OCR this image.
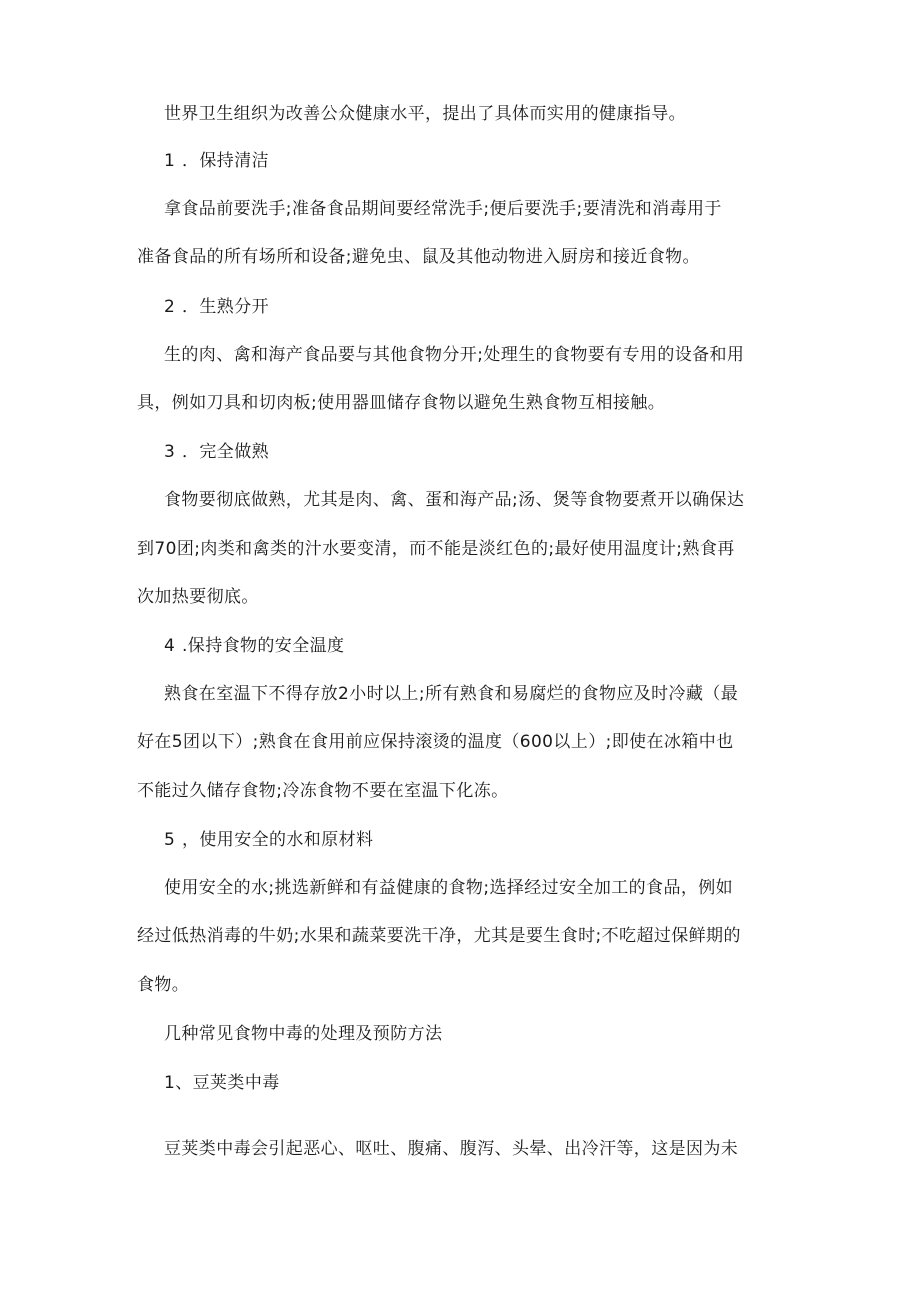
世界卫生组织为改善公众健康水平，提出了具体而实用的健康指导。
1 ．保持清洁
拿食品前要洗手;准备食品期间要经常洗手;便后要洗手;要清洗和消毒用于
准备食品的所有场所和设备;避免虫、鼠及其他动物进入厨房和接近食物。
2 ．生熟分开
生的肉、禽和海产食品要与其他食物分开;处理生的食物要有专用的设备和用
具，例如刀具和切肉板;使用器皿储存食物以避免生熟食物互相接触。
3 ．完全做熟
食物要彻底做熟，尤其是肉、禽、蛋和海产品;汤、煲等食物要煮开以确保达
到70团;肉类和禽类的汁水要变清，而不能是淡红色的;最好使用温度计;熟食再
次加热要彻底。
4 .保持食物的安全温度
熟食在室温下不得存放2小时以上;所有熟食和易腐烂的食物应及时冷藏（最
好在5团以下）;熟食在食用前应保持滚烫的温度（600以上）;即使在冰箱中也
不能过久储存食物;冷冻食物不要在室温下化冻。
5 ，使用安全的水和原材料
使用安全的水;挑选新鲜和有益健康的食物;选择经过安全加工的食品，例如
经过低热消毒的牛奶;水果和蔬菜要洗干净，尤其是要生食时;不吃超过保鲜期的
食物。
几种常见食物中毒的处理及预防方法
1、豆荚类中毒
豆荚类中毒会引起恶心、呕吐、腹痛、腹泻、头晕、出冷汗等，这是因为未
